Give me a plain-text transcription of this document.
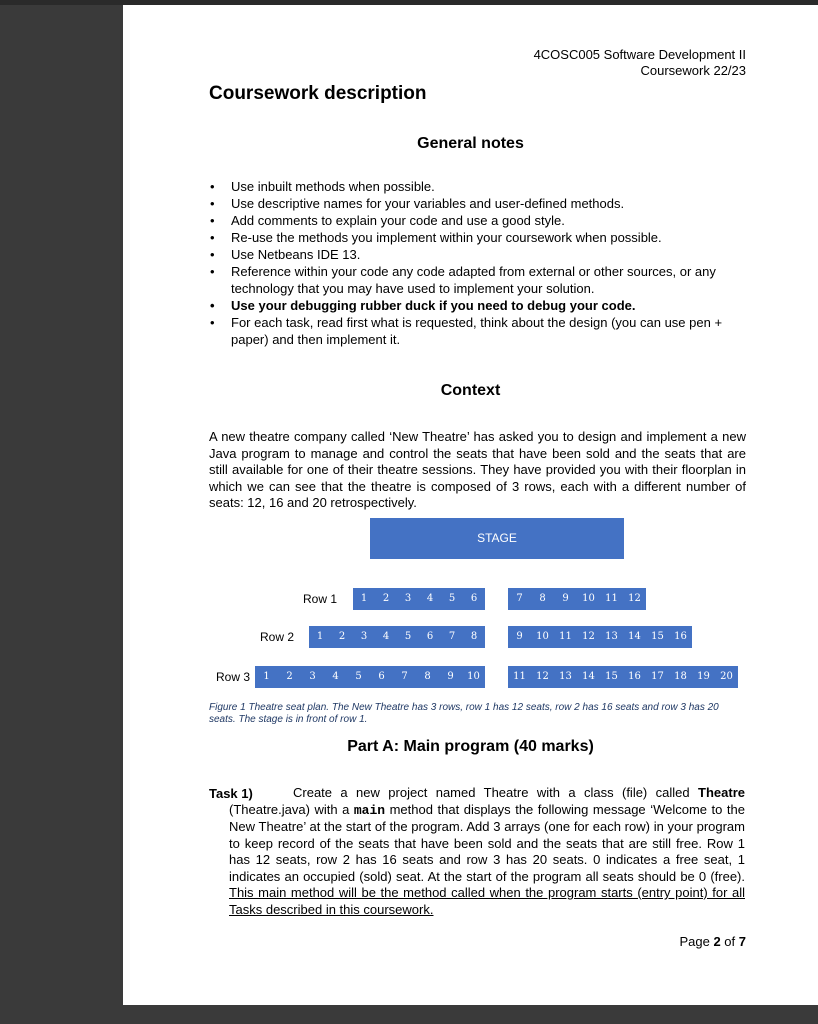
4COSC005 Software Development II
Coursework 22/23
Coursework description
General notes
• Use inbuilt methods when possible.
• Use descriptive names for your variables and user-defined methods.
• Add comments to explain your code and use a good style.
• Re-use the methods you implement within your coursework when possible.
• Use Netbeans IDE 13.
• Reference within your code any code adapted from external or other sources, or any technology that you may have used to implement your solution.
• Use your debugging rubber duck if you need to debug your code.
• For each task, read first what is requested, think about the design (you can use pen + paper) and then implement it.
Context
A new theatre company called ‘New Theatre’ has asked you to design and implement a new Java program to manage and control the seats that have been sold and the seats that are still available for one of their theatre sessions. They have provided you with their floorplan in which we can see that the theatre is composed of 3 rows, each with a different number of seats: 12, 16 and 20 retrospectively.
STAGE
Row 1	1	2	3	4	5	6	7	8	9	10	11	12
Row 2	1	2	3	4	5	6	7	8	9	10	11	12	13	14	15	16
Row 3	1	2	3	4	5	6	7	8	9	10	11	12	13	14	15	16	17	18	19	20
Figure 1 Theatre seat plan. The New Theatre has 3 rows, row 1 has 12 seats, row 2 has 16 seats and row 3 has 20 seats. The stage is in front of row 1.
Part A: Main program (40 marks)
Task 1)	Create a new project named Theatre with a class (file) called Theatre (Theatre.java) with a main method that displays the following message ‘Welcome to the New Theatre’ at the start of the program. Add 3 arrays (one for each row) in your program to keep record of the seats that have been sold and the seats that are still free. Row 1 has 12 seats, row 2 has 16 seats and row 3 has 20 seats. 0 indicates a free seat, 1 indicates an occupied (sold) seat. At the start of the program all seats should be 0 (free). This main method will be the method called when the program starts (entry point) for all Tasks described in this coursework.
Page 2 of 7
